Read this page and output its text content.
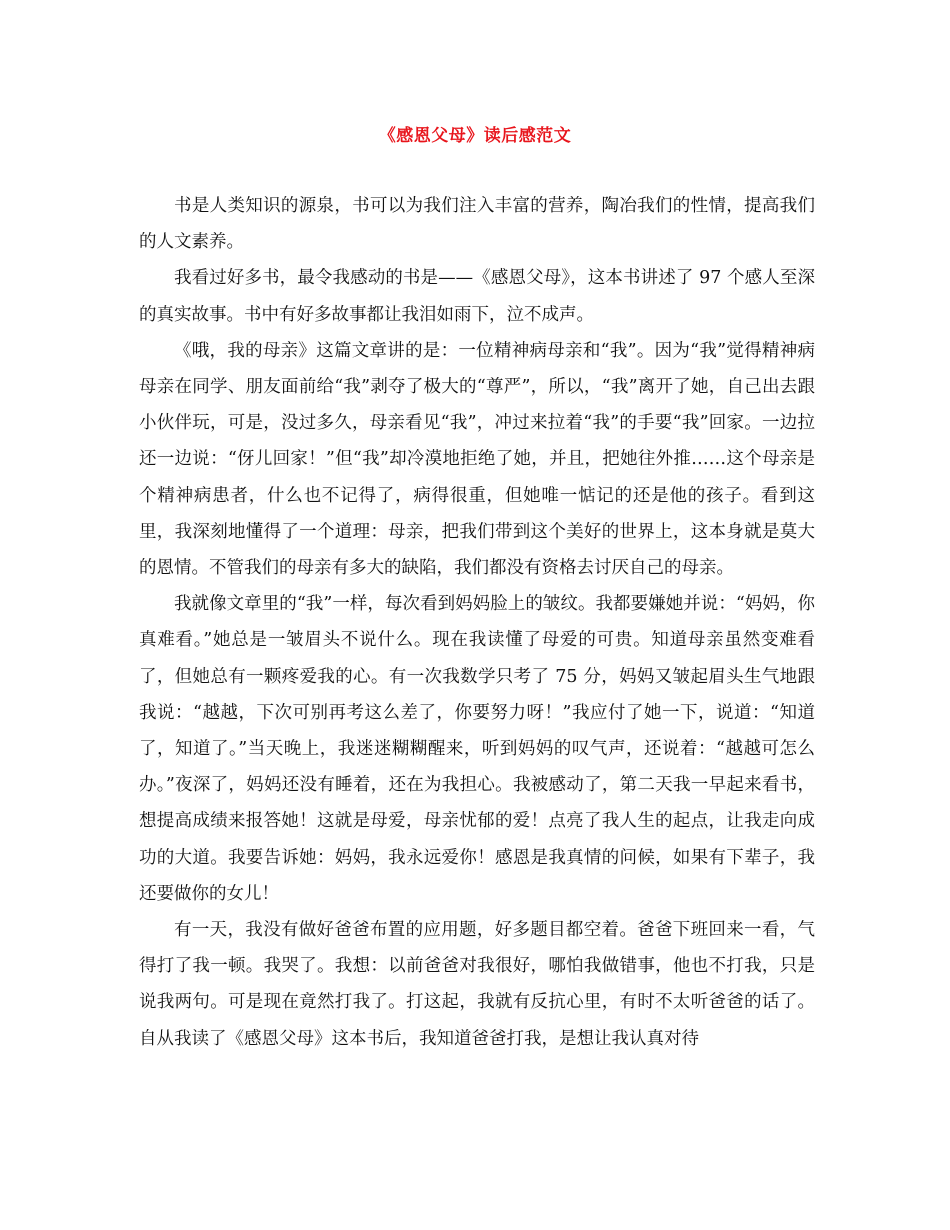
《感恩父母》读后感范文

书是人类知识的源泉，书可以为我们注入丰富的营养，陶冶我们的性情，提高我们的人文素养。

我看过好多书，最令我感动的书是——《感恩父母》，这本书讲述了 97 个感人至深的真实故事。书中有好多故事都让我泪如雨下，泣不成声。

《哦，我的母亲》这篇文章讲的是：一位精神病母亲和“我”。因为“我”觉得精神病母亲在同学、朋友面前给“我”剥夺了极大的“尊严”，所以，“我”离开了她，自己出去跟小伙伴玩，可是，没过多久，母亲看见“我”，冲过来拉着“我”的手要“我”回家。一边拉还一边说：“伢儿回家！”但“我”却冷漠地拒绝了她，并且，把她往外推……这个母亲是个精神病患者，什么也不记得了，病得很重，但她唯一惦记的还是他的孩子。看到这里，我深刻地懂得了一个道理：母亲，把我们带到这个美好的世界上，这本身就是莫大的恩情。不管我们的母亲有多大的缺陷，我们都没有资格去讨厌自己的母亲。

我就像文章里的“我”一样，每次看到妈妈脸上的皱纹。我都要嫌她并说：“妈妈，你真难看。”她总是一皱眉头不说什么。现在我读懂了母爱的可贵。知道母亲虽然变难看了，但她总有一颗疼爱我的心。有一次我数学只考了 75 分，妈妈又皱起眉头生气地跟我说：“越越，下次可别再考这么差了，你要努力呀！”我应付了她一下，说道：“知道了，知道了。”当天晚上，我迷迷糊糊醒来，听到妈妈的叹气声，还说着：“越越可怎么办。”夜深了，妈妈还没有睡着，还在为我担心。我被感动了，第二天我一早起来看书，想提高成绩来报答她！这就是母爱，母亲忧郁的爱！点亮了我人生的起点，让我走向成功的大道。我要告诉她：妈妈，我永远爱你！感恩是我真情的问候，如果有下辈子，我还要做你的女儿！

有一天，我没有做好爸爸布置的应用题，好多题目都空着。爸爸下班回来一看，气得打了我一顿。我哭了。我想：以前爸爸对我很好，哪怕我做错事，他也不打我，只是说我两句。可是现在竟然打我了。打这起，我就有反抗心里，有时不太听爸爸的话了。自从我读了《感恩父母》这本书后，我知道爸爸打我，是想让我认真对待
